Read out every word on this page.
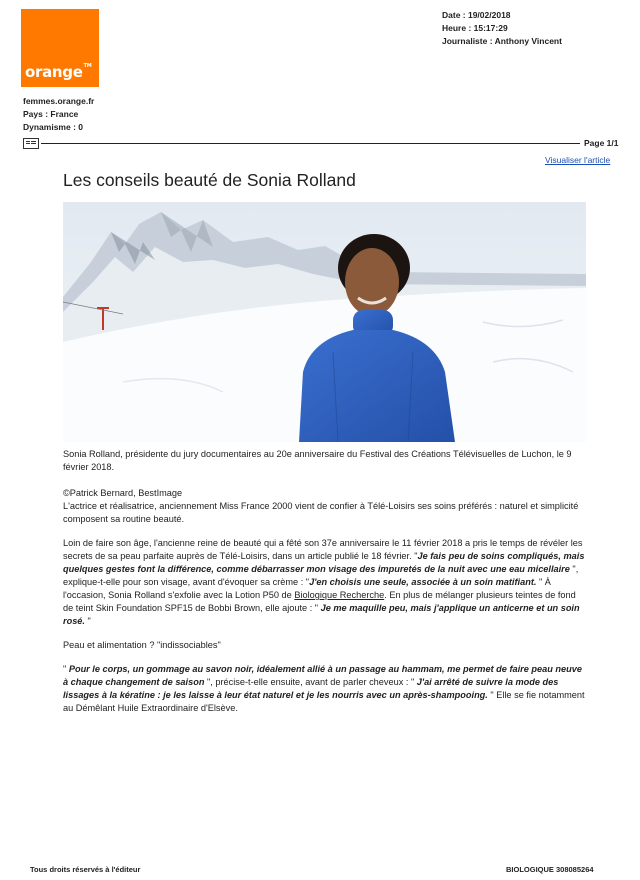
orange™
Date : 19/02/2018
Heure : 15:17:29
Journaliste : Anthony Vincent
femmes.orange.fr
Pays : France
Dynamisme : 0
Page 1/1
Visualiser l'article
Les conseils beauté de Sonia Rolland
Sonia Rolland, présidente du jury documentaires au 20e anniversaire du Festival des Créations Télévisuelles de Luchon, le 9 février 2018.

©Patrick Bernard, BestImage

L'actrice et réalisatrice, anciennement Miss France 2000 vient de confier à Télé-Loisirs ses soins préférés : naturel et simplicité composent sa routine beauté.

Loin de faire son âge, l'ancienne reine de beauté qui a fêté son 37e anniversaire le 11 février 2018 a pris le temps de révéler les secrets de sa peau parfaite auprès de Télé-Loisirs, dans un article publié le 18 février. "Je fais peu de soins compliqués, mais quelques gestes font la différence, comme débarrasser mon visage des impuretés de la nuit avec une eau micellaire ", explique-t-elle pour son visage, avant d'évoquer sa crème : "J'en choisis une seule, associée à un soin matifiant. " À l'occasion, Sonia Rolland s'exfolie avec la Lotion P50 de Biologique Recherche. En plus de mélanger plusieurs teintes de fond de teint Skin Foundation SPF15 de Bobbi Brown, elle ajoute : " Je me maquille peu, mais j'applique un anticerne et un soin rosé. "

Peau et alimentation ? "indissociables"

" Pour le corps, un gommage au savon noir, idéalement allié à un passage au hammam, me permet de faire peau neuve à chaque changement de saison ", précise-t-elle ensuite, avant de parler cheveux : " J'ai arrêté de suivre la mode des lissages à la kératine : je les laisse à leur état naturel et je les nourris avec un après-shampooing. " Elle se fie notamment au Démêlant Huile Extraordinaire d'Elsève.

Tous droits réservés à l'éditeur	BIOLOGIQUE 308085264
